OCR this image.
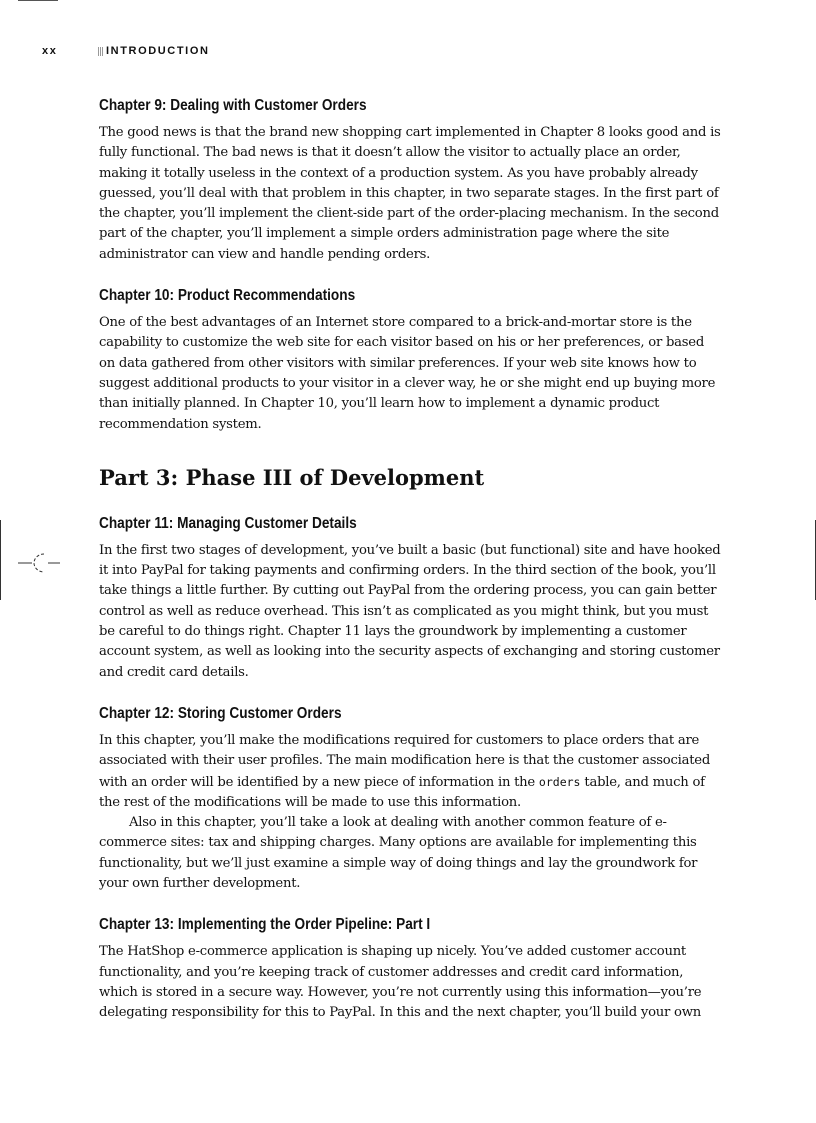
xx	INTRODUCTION
Chapter 9: Dealing with Customer Orders

The good news is that the brand new shopping cart implemented in Chapter 8 looks good and is fully functional. The bad news is that it doesn’t allow the visitor to actually place an order, making it totally useless in the context of a production system. As you have probably already guessed, you’ll deal with that problem in this chapter, in two separate stages. In the first part of the chapter, you’ll implement the client-side part of the order-placing mechanism. In the second part of the chapter, you’ll implement a simple orders administration page where the site administrator can view and handle pending orders.

Chapter 10: Product Recommendations

One of the best advantages of an Internet store compared to a brick-and-mortar store is the capability to customize the web site for each visitor based on his or her preferences, or based on data gathered from other visitors with similar preferences. If your web site knows how to suggest additional products to your visitor in a clever way, he or she might end up buying more than initially planned. In Chapter 10, you’ll learn how to implement a dynamic product recommendation system.

Part 3: Phase III of Development
Chapter 11: Managing Customer Details

In the first two stages of development, you’ve built a basic (but functional) site and have hooked it into PayPal for taking payments and confirming orders. In the third section of the book, you’ll take things a little further. By cutting out PayPal from the ordering process, you can gain better control as well as reduce overhead. This isn’t as complicated as you might think, but you must be careful to do things right. Chapter 11 lays the groundwork by implementing a customer account system, as well as looking into the security aspects of exchanging and storing customer and credit card details.

Chapter 12: Storing Customer Orders

In this chapter, you’ll make the modifications required for customers to place orders that are associated with their user profiles. The main modification here is that the customer associated with an order will be identified by a new piece of information in the orders table, and much of the rest of the modifications will be made to use this information.

Also in this chapter, you’ll take a look at dealing with another common feature of e-commerce sites: tax and shipping charges. Many options are available for implementing this functionality, but we’ll just examine a simple way of doing things and lay the groundwork for your own further development.

Chapter 13: Implementing the Order Pipeline: Part I

The HatShop e-commerce application is shaping up nicely. You’ve added customer account functionality, and you’re keeping track of customer addresses and credit card information, which is stored in a secure way. However, you’re not currently using this information—you’re delegating responsibility for this to PayPal. In this and the next chapter, you’ll build your own
